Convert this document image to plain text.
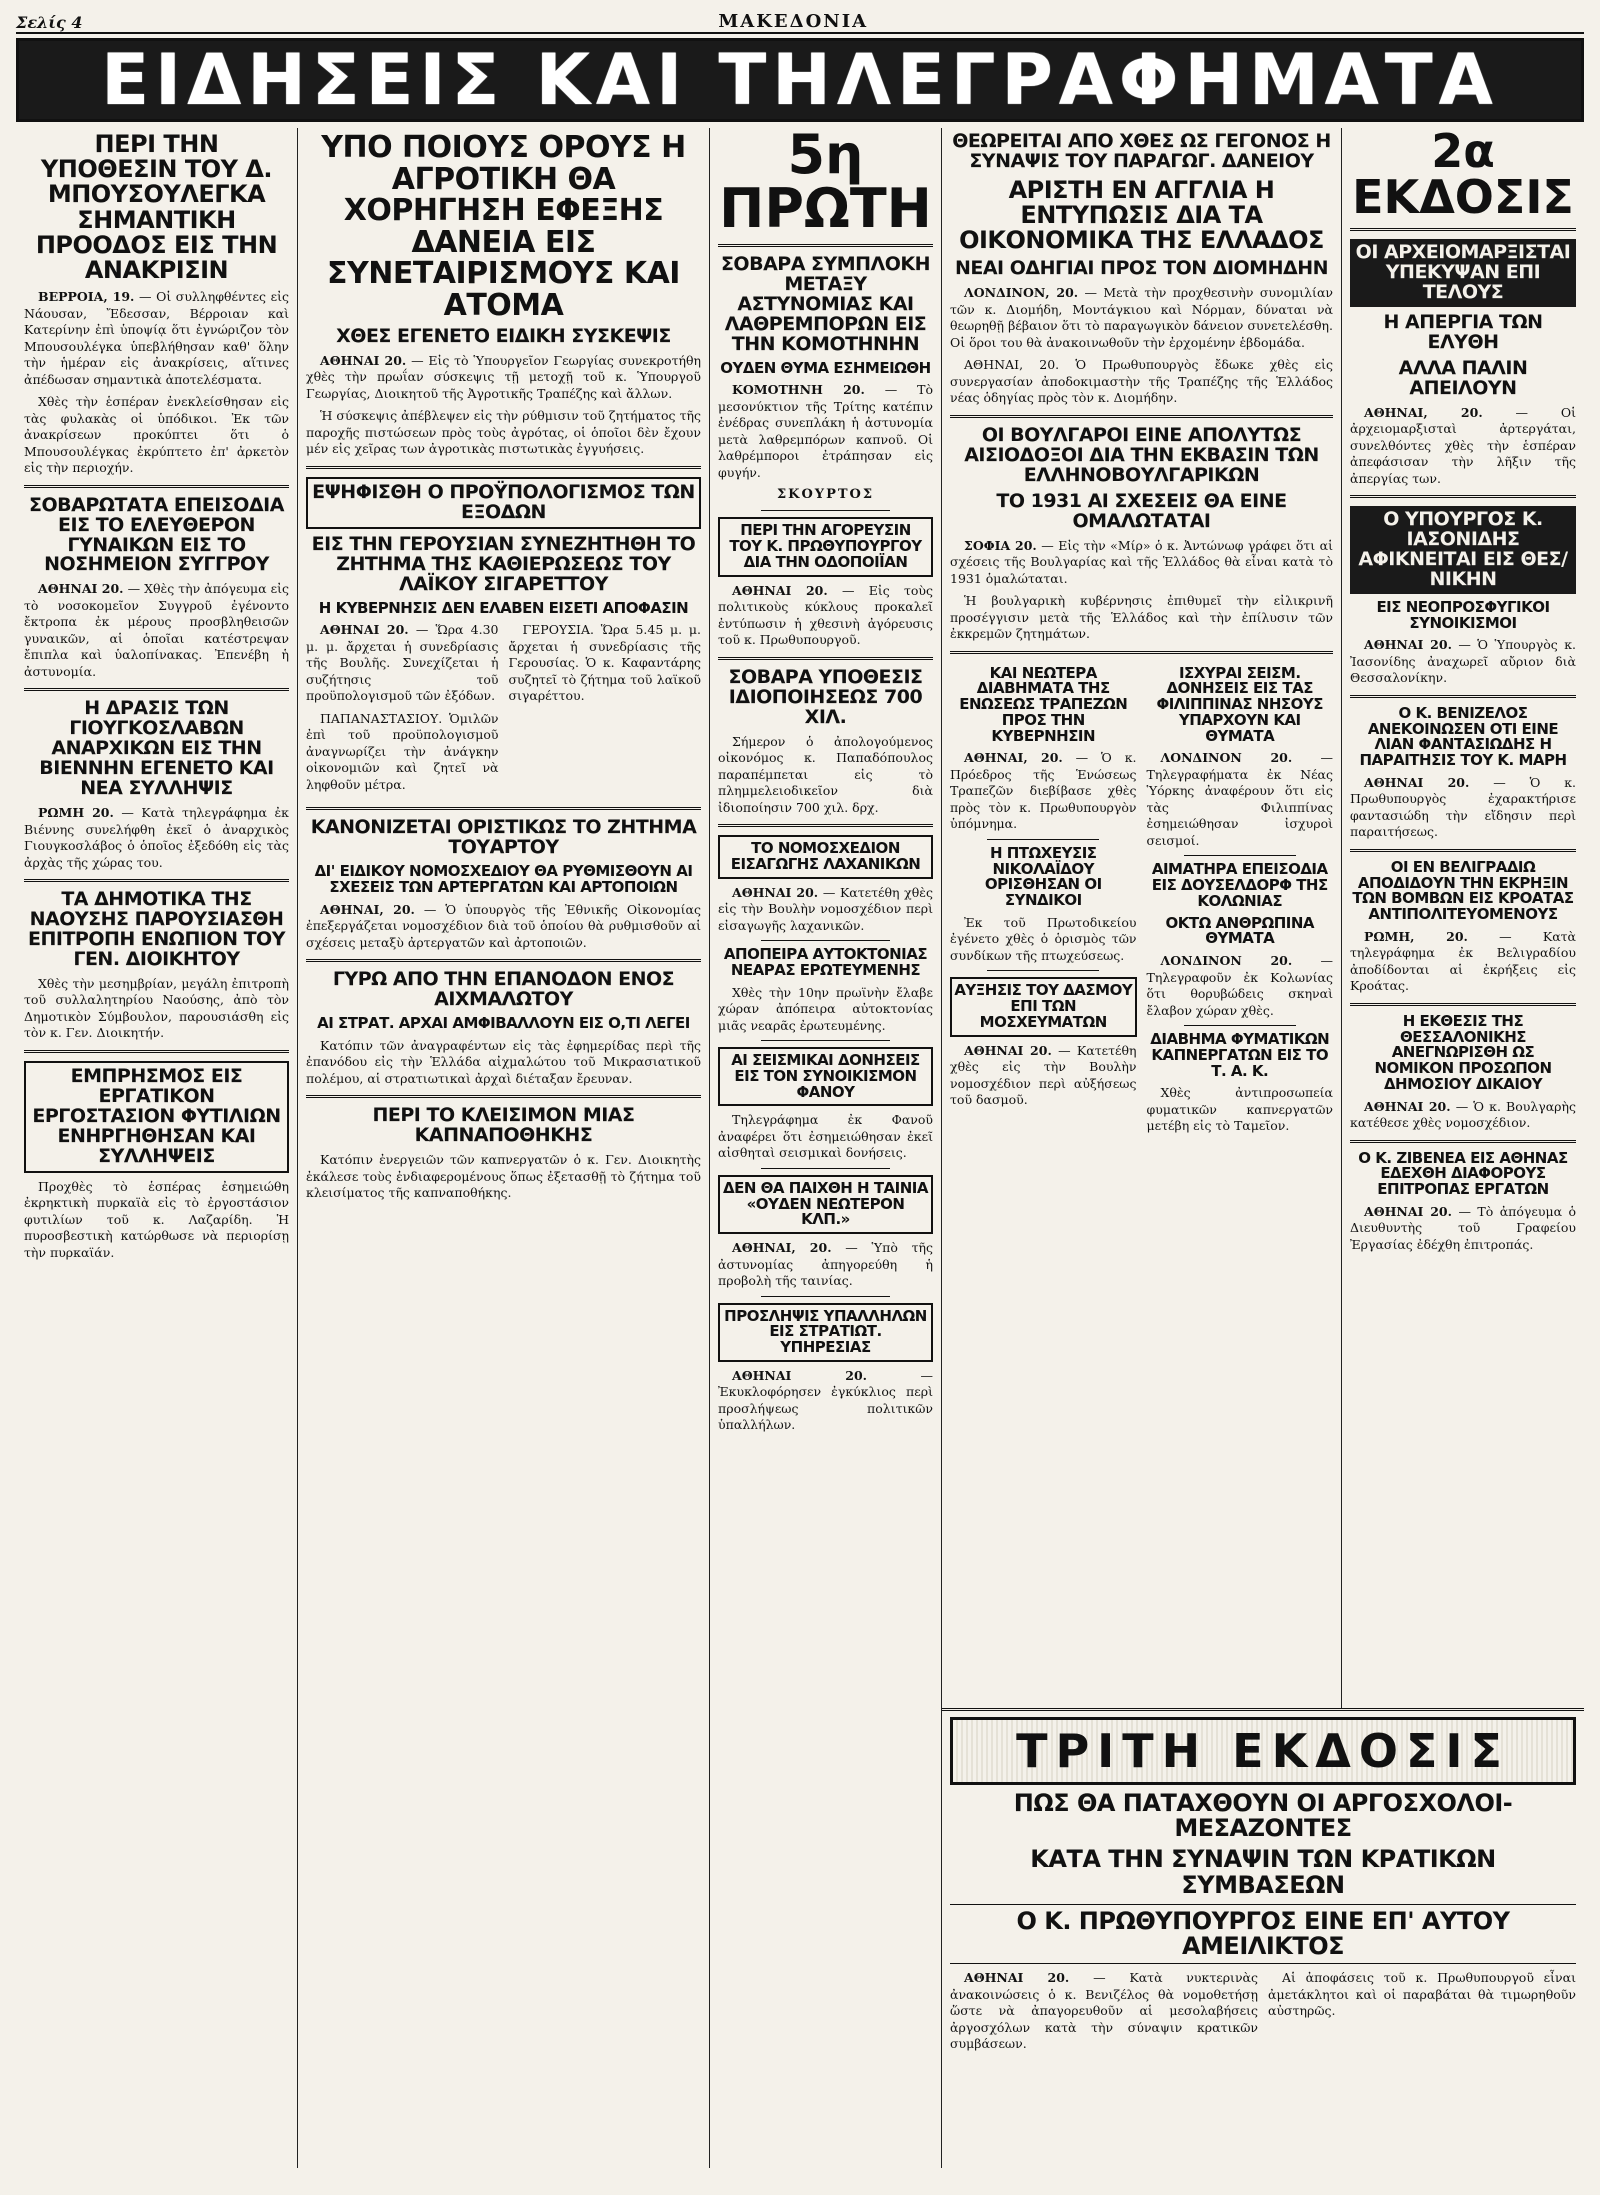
Σελίς 4	ΜΑΚΕΔΟΝΙΑ
ΕΙΔΗΣΕΙΣ ΚΑΙ ΤΗΛΕΓΡΑΦΗΜΑΤΑ
ΠΕΡΙ ΤΗΝ ΥΠΟΘΕΣΙΝ ΤΟΥ Δ. ΜΠΟΥΣΟΥΛΕΓΚΑ ΣΗΜΑΝΤΙΚΗ ΠΡΟΟΔΟΣ ΕΙΣ ΤΗΝ ΑΝΑΚΡΙΣΙΝ

ΒΕΡΡΟΙΑ, 19. — Οἱ συλληφθέντες εἰς Νάουσαν, Ἔδεσσαν, Βέρροιαν καὶ Κατερίνην ἐπὶ ὑποψίᾳ ὅτι ἐγνώριζον τὸν Μπουσουλέγκα ὑπεβλήθησαν καθ' ὅλην τὴν ἡμέραν εἰς ἀνακρίσεις, αἵτινες ἀπέδωσαν σημαντικὰ ἀποτελέσματα.

Χθὲς τὴν ἑσπέραν ἐνεκλείσθησαν εἰς τὰς φυλακὰς οἱ ὑπόδικοι. Ἐκ τῶν ἀνακρίσεων προκύπτει ὅτι ὁ Μπουσουλέγκας ἐκρύπτετο ἐπ' ἀρκετὸν εἰς τὴν περιοχήν.

ΣΟΒΑΡΩΤΑΤΑ ΕΠΕΙΣΟΔΙΑ ΕΙΣ ΤΟ ΕΛΕΥΘΕΡΟΝ ΓΥΝΑΙΚΩΝ ΕΙΣ ΤΟ ΝΟΣΗΜΕΙΟΝ ΣΥΓΓΡΟΥ

ΑΘΗΝΑΙ 20. — Χθὲς τὴν ἀπόγευμα εἰς τὸ νοσοκομεῖον Συγγροῦ ἐγένοντο ἔκτροπα ἐκ μέρους προσβληθεισῶν γυναικῶν, αἱ ὁποῖαι κατέστρεψαν ἔπιπλα καὶ ὑαλοπίνακας. Ἐπενέβη ἡ ἀστυνομία.

Η ΔΡΑΣΙΣ ΤΩΝ ΓΙΟΥΓΚΟΣΛΑΒΩΝ ΑΝΑΡΧΙΚΩΝ ΕΙΣ ΤΗΝ ΒΙΕΝΝΗΝ ΕΓΕΝΕΤΟ ΚΑΙ ΝΕΑ ΣΥΛΛΗΨΙΣ

ΡΩΜΗ 20. — Κατὰ τηλεγράφημα ἐκ Βιέννης συνελήφθη ἐκεῖ ὁ ἀναρχικὸς Γιουγκοσλάβος ὁ ὁποῖος ἐξεδόθη εἰς τὰς ἀρχὰς τῆς χώρας του.

ΤΑ ΔΗΜΟΤΙΚΑ ΤΗΣ ΝΑΟΥΣΗΣ ΠΑΡΟΥΣΙΑΣΘΗ ΕΠΙΤΡΟΠΗ ΕΝΩΠΙΟΝ ΤΟΥ ΓΕΝ. ΔΙΟΙΚΗΤΟΥ

Χθὲς τὴν μεσημβρίαν, μεγάλη ἐπιτροπὴ τοῦ συλλαλητηρίου Ναούσης, ἀπὸ τὸν Δημοτικὸν Σύμβουλον, παρουσιάσθη εἰς τὸν κ. Γεν. Διοικητήν.

ΕΜΠΡΗΣΜΟΣ ΕΙΣ ΕΡΓΑΤΙΚΟΝ ΕΡΓΟΣΤΑΣΙΟΝ ΦΥΤΙΛΙΩΝ ΕΝΗΡΓΗΘΗΣΑΝ ΚΑΙ ΣΥΛΛΗΨΕΙΣ

Προχθὲς τὸ ἑσπέρας ἐσημειώθη ἐκρηκτικὴ πυρκαϊὰ εἰς τὸ ἐργοστάσιον φυτιλίων τοῦ κ. Λαζαρίδη. Ἡ πυροσβεστικὴ κατώρθωσε νὰ περιορίσῃ τὴν πυρκαϊάν.

ΥΠΟ ΠΟΙΟΥΣ ΟΡΟΥΣ Η ΑΓΡΟΤΙΚΗ ΘΑ ΧΟΡΗΓΗΣΗ ΕΦΕΞΗΣ ΔΑΝΕΙΑ ΕΙΣ ΣΥΝΕΤΑΙΡΙΣΜΟΥΣ ΚΑΙ ΑΤΟΜΑ
ΧΘΕΣ ΕΓΕΝΕΤΟ ΕΙΔΙΚΗ ΣΥΣΚΕΨΙΣ

ΑΘΗΝΑΙ 20. — Εἰς τὸ Ὑπουργεῖον Γεωργίας συνεκροτήθη χθὲς τὴν πρωΐαν σύσκεψις τῇ μετοχῇ τοῦ κ. Ὑπουργοῦ Γεωργίας, Διοικητοῦ τῆς Ἀγροτικῆς Τραπέζης καὶ ἄλλων.

Ἡ σύσκεψις ἀπέβλεψεν εἰς τὴν ρύθμισιν τοῦ ζητήματος τῆς παροχῆς πιστώσεων πρὸς τοὺς ἀγρότας, οἱ ὁποῖοι δὲν ἔχουν μέν εἰς χεῖρας των ἀγροτικὰς πιστωτικὰς ἐγγυήσεις.

ΕΨΗΦΙΣΘΗ Ο ΠΡΟΫΠΟΛΟΓΙΣΜΟΣ ΤΩΝ ΕΞΟΔΩΝ
ΕΙΣ ΤΗΝ ΓΕΡΟΥΣΙΑΝ ΣΥΝΕΖΗΤΗΘΗ ΤΟ ΖΗΤΗΜΑ ΤΗΣ ΚΑΘΙΕΡΩΣΕΩΣ ΤΟΥ ΛΑΪΚΟΥ ΣΙΓΑΡΕΤΤΟΥ
Η ΚΥΒΕΡΝΗΣΙΣ ΔΕΝ ΕΛΑΒΕΝ ΕΙΣΕΤΙ ΑΠΟΦΑΣΙΝ

ΑΘΗΝΑΙ 20. — Ὥρα 4.30 μ. μ. ἄρχεται ἡ συνεδρίασις τῆς Βουλῆς. Συνεχίζεται ἡ συζήτησις τοῦ προϋπολογισμοῦ τῶν ἐξόδων.

ΠΑΠΑΝΑΣΤΑΣΙΟΥ. Ὁμιλῶν ἐπὶ τοῦ προϋπολογισμοῦ ἀναγνωρίζει τὴν ἀνάγκην οἰκονομιῶν καὶ ζητεῖ νὰ ληφθοῦν μέτρα.

ΓΕΡΟΥΣΙΑ. Ὥρα 5.45 μ. μ. ἄρχεται ἡ συνεδρίασις τῆς Γερουσίας. Ὁ κ. Καφαντάρης συζητεῖ τὸ ζήτημα τοῦ λαϊκοῦ σιγαρέττου.

ΚΑΝΟΝΙΖΕΤΑΙ ΟΡΙΣΤΙΚΩΣ ΤΟ ΖΗΤΗΜΑ ΤΟΥΑΡΤΟΥ
ΔΙ' ΕΙΔΙΚΟΥ ΝΟΜΟΣΧΕΔΙΟΥ ΘΑ ΡΥΘΜΙΣΘΟΥΝ ΑΙ ΣΧΕΣΕΙΣ ΤΩΝ ΑΡΤΕΡΓΑΤΩΝ ΚΑΙ ΑΡΤΟΠΟΙΩΝ

ΑΘΗΝΑΙ, 20. — Ὁ ὑπουργὸς τῆς Ἐθνικῆς Οἰκονομίας ἐπεξεργάζεται νομοσχέδιον διὰ τοῦ ὁποίου θὰ ρυθμισθοῦν αἱ σχέσεις μεταξὺ ἀρτεργατῶν καὶ ἀρτοποιῶν.

ΓΥΡΩ ΑΠΟ ΤΗΝ ΕΠΑΝΟΔΟΝ ΕΝΟΣ ΑΙΧΜΑΛΩΤΟΥ
ΑΙ ΣΤΡΑΤ. ΑΡΧΑΙ ΑΜΦΙΒΑΛΛΟΥΝ ΕΙΣ Ο,ΤΙ ΛΕΓΕΙ

Κατόπιν τῶν ἀναγραφέντων εἰς τὰς ἐφημερίδας περὶ τῆς ἐπανόδου εἰς τὴν Ἑλλάδα αἰχμαλώτου τοῦ Μικρασιατικοῦ πολέμου, αἱ στρατιωτικαὶ ἀρχαὶ διέταξαν ἔρευναν.

ΠΕΡΙ ΤΟ ΚΛΕΙΣΙΜΟΝ ΜΙΑΣ ΚΑΠΝΑΠΟΘΗΚΗΣ

Κατόπιν ἐνεργειῶν τῶν καπνεργατῶν ὁ κ. Γεν. Διοικητὴς ἐκάλεσε τοὺς ἐνδιαφερομένους ὅπως ἐξετασθῇ τὸ ζήτημα τοῦ κλεισίματος τῆς καπναποθήκης.

5η ΠΡΩΤΗ
ΣΟΒΑΡΑ ΣΥΜΠΛΟΚΗ ΜΕΤΑΞΥ ΑΣΤΥΝΟΜΙΑΣ ΚΑΙ ΛΑΘΡΕΜΠΟΡΩΝ ΕΙΣ ΤΗΝ ΚΟΜΟΤΗΝΗΝ
ΟΥΔΕΝ ΘΥΜΑ ΕΣΗΜΕΙΩΘΗ

ΚΟΜΟΤΗΝΗ 20. — Τὸ μεσονύκτιον τῆς Τρίτης κατέπιν ἐνέδρας συνεπλάκη ἡ ἀστυνομία μετὰ λαθρεμπόρων καπνοῦ. Οἱ λαθρέμποροι ἐτράπησαν εἰς φυγήν.

ΣΚΟΥΡΤΟΣ
ΠΕΡΙ ΤΗΝ ΑΓΟΡΕΥΣΙΝ ΤΟΥ Κ. ΠΡΩΘΥΠΟΥΡΓΟΥ ΔΙΑ ΤΗΝ ΟΔΟΠΟΙΪΑΝ

ΑΘΗΝΑΙ 20. — Εἰς τοὺς πολιτικοὺς κύκλους προκαλεῖ ἐντύπωσιν ἡ χθεσινὴ ἀγόρευσις τοῦ κ. Πρωθυπουργοῦ.

ΣΟΒΑΡΑ ΥΠΟΘΕΣΙΣ ΙΔΙΟΠΟΙΗΣΕΩΣ 700 ΧΙΛ.

Σήμερον ὁ ἀπολογούμενος οἰκονόμος κ. Παπαδόπουλος παραπέμπεται εἰς τὸ πλημμελειοδικεῖον διὰ ἰδιοποίησιν 700 χιλ. δρχ.

ΤΟ ΝΟΜΟΣΧΕΔΙΟΝ ΕΙΣΑΓΩΓΗΣ ΛΑΧΑΝΙΚΩΝ

ΑΘΗΝΑΙ 20. — Κατετέθη χθὲς εἰς τὴν Βουλὴν νομοσχέδιον περὶ εἰσαγωγῆς λαχανικῶν.

ΑΠΟΠΕΙΡΑ ΑΥΤΟΚΤΟΝΙΑΣ ΝΕΑΡΑΣ ΕΡΩΤΕΥΜΕΝΗΣ

Χθὲς τὴν 10ην πρωϊνὴν ἔλαβε χώραν ἀπόπειρα αὐτοκτονίας μιᾶς νεαρᾶς ἐρωτευμένης.

ΑΙ ΣΕΙΣΜΙΚΑΙ ΔΟΝΗΣΕΙΣ ΕΙΣ ΤΟΝ ΣΥΝΟΙΚΙΣΜΟΝ ΦΑΝΟΥ

Τηλεγράφημα ἐκ Φανοῦ ἀναφέρει ὅτι ἐσημειώθησαν ἐκεῖ αἰσθηταὶ σεισμικαὶ δονήσεις.

ΔΕΝ ΘΑ ΠΑΙΧΘΗ Η ΤΑΙΝΙΑ «ΟΥΔΕΝ ΝΕΩΤΕΡΟΝ ΚΛΠ.»

ΑΘΗΝΑΙ, 20. — Ὑπὸ τῆς ἀστυνομίας ἀπηγορεύθη ἡ προβολὴ τῆς ταινίας.

ΠΡΟΣΛΗΨΙΣ ΥΠΑΛΛΗΛΩΝ ΕΙΣ ΣΤΡΑΤΙΩΤ. ΥΠΗΡΕΣΙΑΣ

ΑΘΗΝΑΙ 20.	— Ἐκυκλοφόρησεν ἐγκύκλιος περὶ προσλήψεως πολιτικῶν ὑπαλλήλων.

ΘΕΩΡΕΙΤΑΙ ΑΠΟ ΧΘΕΣ ΩΣ ΓΕΓΟΝΟΣ Η ΣΥΝΑΨΙΣ ΤΟΥ ΠΑΡΑΓΩΓ. ΔΑΝΕΙΟΥ
ΑΡΙΣΤΗ ΕΝ ΑΓΓΛΙΑ Η ΕΝΤΥΠΩΣΙΣ ΔΙΑ ΤΑ ΟΙΚΟΝΟΜΙΚΑ ΤΗΣ ΕΛΛΑΔΟΣ
ΝΕΑΙ ΟΔΗΓΙΑΙ ΠΡΟΣ ΤΟΝ ΔΙΟΜΗΔΗΝ

ΛΟΝΔΙΝΟΝ, 20. — Μετὰ τὴν προχθεσινὴν συνομιλίαν τῶν κ. Διομήδη, Μοντάγκιου καὶ Νόρμαν, δύναται νὰ θεωρηθῇ βέβαιον ὅτι τὸ παραγωγικὸν δάνειον συνετελέσθη. Οἱ ὅροι του θὰ ἀνακοινωθοῦν τὴν ἐρχομένην ἑβδομάδα.

ΑΘΗΝΑΙ, 20. Ὁ Πρωθυπουργὸς ἔδωκε χθὲς εἰς συνεργασίαν ἀποδοκιμαστὴν τῆς Τραπέζης τῆς Ἑλλάδος νέας ὁδηγίας πρὸς τὸν κ. Διομήδην.

ΟΙ ΒΟΥΛΓΑΡΟΙ ΕΙΝΕ ΑΠΟΛΥΤΩΣ ΑΙΣΙΟΔΟΞΟΙ ΔΙΑ ΤΗΝ ΕΚΒΑΣΙΝ ΤΩΝ ΕΛΛΗΝΟΒΟΥΛΓΑΡΙΚΩΝ
ΤΟ 1931 ΑΙ ΣΧΕΣΕΙΣ ΘΑ ΕΙΝΕ ΟΜΑΛΩΤΑΤΑΙ

ΣΟΦΙΑ 20. — Εἰς τὴν «Μίρ» ὁ κ. Ἀντώνωφ γράφει ὅτι αἱ σχέσεις τῆς Βουλγαρίας καὶ τῆς Ἑλλάδος θὰ εἶναι κατὰ τὸ 1931 ὁμαλώταται.

Ἡ βουλγαρικὴ κυβέρνησις ἐπιθυμεῖ τὴν εἰλικρινῆ προσέγγισιν μετὰ τῆς Ἑλλάδος καὶ τὴν ἐπίλυσιν τῶν ἐκκρεμῶν ζητημάτων.

ΚΑΙ ΝΕΩΤΕΡΑ ΔΙΑΒΗΜΑΤΑ ΤΗΣ ΕΝΩΣΕΩΣ ΤΡΑΠΕΖΩΝ ΠΡΟΣ ΤΗΝ ΚΥΒΕΡΝΗΣΙΝ

ΑΘΗΝΑΙ, 20. — Ὁ κ. Πρόεδρος τῆς Ἑνώσεως Τραπεζῶν διεβίβασε χθὲς πρὸς τὸν κ. Πρωθυπουργὸν ὑπόμνημα.

Η ΠΤΩΧΕΥΣΙΣ ΝΙΚΟΛΑΪΔΟΥ ΟΡΙΣΘΗΣΑΝ ΟΙ ΣΥΝΔΙΚΟΙ

Ἐκ τοῦ Πρωτοδικείου ἐγένετο χθὲς ὁ ὁρισμὸς τῶν συνδίκων τῆς πτωχεύσεως.

ΑΥΞΗΣΙΣ ΤΟΥ ΔΑΣΜΟΥ ΕΠΙ ΤΩΝ ΜΟΣΧΕΥΜΑΤΩΝ

ΑΘΗΝΑΙ 20. — Κατετέθη χθὲς εἰς τὴν Βουλὴν νομοσχέδιον περὶ αὐξήσεως τοῦ δασμοῦ.

ΙΣΧΥΡΑΙ ΣΕΙΣΜ. ΔΟΝΗΣΕΙΣ ΕΙΣ ΤΑΣ ΦΙΛΙΠΠΙΝΑΣ ΝΗΣΟΥΣ ΥΠΑΡΧΟΥΝ ΚΑΙ ΘΥΜΑΤΑ

ΛΟΝΔΙΝΟΝ 20. — Τηλεγραφήματα ἐκ Νέας Ὑόρκης ἀναφέρουν ὅτι εἰς τὰς Φιλιππίνας ἐσημειώθησαν ἰσχυροὶ σεισμοί.

ΑΙΜΑΤΗΡΑ ΕΠΕΙΣΟΔΙΑ ΕΙΣ ΔΟΥΣΕΛΔΟΡΦ ΤΗΣ ΚΟΛΩΝΙΑΣ
ΟΚΤΩ ΑΝΘΡΩΠΙΝΑ ΘΥΜΑΤΑ

ΛΟΝΔΙΝΟΝ 20. — Τηλεγραφοῦν ἐκ Κολωνίας ὅτι θορυβώδεις σκηναὶ ἔλαβον χώραν χθὲς.

ΔΙΑΒΗΜΑ ΦΥΜΑΤΙΚΩΝ ΚΑΠΝΕΡΓΑΤΩΝ ΕΙΣ ΤΟ Τ. Α. Κ.

Χθὲς ἀντιπροσωπεία φυματικῶν καπνεργατῶν μετέβη εἰς τὸ Ταμεῖον.

2α ΕΚΔΟΣΙΣ
ΟΙ ΑΡΧΕΙΟΜΑΡΞΙΣΤΑΙ ΥΠΕΚΥΨΑΝ ΕΠΙ ΤΕΛΟΥΣ
Η ΑΠΕΡΓΙΑ ΤΩΝ ΕΛΥΘΗ
ΑΛΛΑ ΠΑΛΙΝ ΑΠΕΙΛΟΥΝ

ΑΘΗΝΑΙ, 20.	— Οἱ ἀρχειομαρξισταὶ ἀρτεργάται, συνελθόντες χθὲς τὴν ἑσπέραν ἀπεφάσισαν τὴν λῆξιν τῆς ἀπεργίας των.

Ο ΥΠΟΥΡΓΟΣ Κ. ΙΑΣΟΝΙΔΗΣ ΑΦΙΚΝΕΙΤΑΙ ΕΙΣ ΘΕΣ/ΝΙΚΗΝ
ΕΙΣ ΝΕΟΠΡΟΣΦΥΓΙΚΟΙ ΣΥΝΟΙΚΙΣΜΟΙ

ΑΘΗΝΑΙ 20. — Ὁ Ὑπουργὸς κ. Ἰασονίδης ἀναχωρεῖ αὔριον διὰ Θεσσαλονίκην.

Ο Κ. ΒΕΝΙΖΕΛΟΣ ΑΝΕΚΟΙΝΩΣΕΝ ΟΤΙ ΕΙΝΕ ΛΙΑΝ ΦΑΝΤΑΣΙΩΔΗΣ Η ΠΑΡΑΙΤΗΣΙΣ ΤΟΥ Κ. ΜΑΡΗ

ΑΘΗΝΑΙ 20. — Ὁ κ. Πρωθυπουργὸς ἐχαρακτήρισε φαντασιώδη τὴν εἴδησιν περὶ παραιτήσεως.

ΟΙ ΕΝ ΒΕΛΙΓΡΑΔΙΩ ΑΠΟΔΙΔΟΥΝ ΤΗΝ ΕΚΡΗΞΙΝ ΤΩΝ ΒΟΜΒΩΝ ΕΙΣ ΚΡΟΑΤΑΣ ΑΝΤΙΠΟΛΙΤΕΥΟΜΕΝΟΥΣ

ΡΩΜΗ, 20. — Κατὰ τηλεγράφημα ἐκ Βελιγραδίου ἀποδίδονται αἱ ἐκρήξεις εἰς Κροάτας.

Η ΕΚΘΕΣΙΣ ΤΗΣ ΘΕΣΣΑΛΟΝΙΚΗΣ ΑΝΕΓΝΩΡΙΣΘΗ ΩΣ ΝΟΜΙΚΟΝ ΠΡΟΣΩΠΟΝ ΔΗΜΟΣΙΟΥ ΔΙΚΑΙΟΥ

ΑΘΗΝΑΙ 20. — Ὁ κ. Βουλγαρὴς κατέθεσε χθὲς νομοσχέδιον.

Ο Κ. ΖΙΒΕΝΕΑ ΕΙΣ ΑΘΗΝΑΣ ΕΔΕΧΘΗ ΔΙΑΦΟΡΟΥΣ ΕΠΙΤΡΟΠΑΣ ΕΡΓΑΤΩΝ

ΑΘΗΝΑΙ 20. — Τὸ ἀπόγευμα ὁ Διευθυντὴς τοῦ Γραφείου Ἐργασίας ἐδέχθη ἐπιτροπάς.

ΤΡΙΤΗ ΕΚΔΟΣΙΣ
ΠΩΣ ΘΑ ΠΑΤΑΧΘΟΥΝ ΟΙ ΑΡΓΟΣΧΟΛΟΙ-ΜΕΣΑΖΟΝΤΕΣ
ΚΑΤΑ ΤΗΝ ΣΥΝΑΨΙΝ ΤΩΝ ΚΡΑΤΙΚΩΝ ΣΥΜΒΑΣΕΩΝ
Ο Κ. ΠΡΩΘΥΠΟΥΡΓΟΣ ΕΙΝΕ ΕΠ' ΑΥΤΟΥ ΑΜΕΙΛΙΚΤΟΣ

ΑΘΗΝΑΙ 20. — Κατὰ νυκτερινὰς ἀνακοινώσεις ὁ κ. Βενιζέλος θὰ νομοθετήσῃ ὥστε νὰ ἀπαγορευθοῦν αἱ μεσολαβήσεις ἀργοσχόλων κατὰ τὴν σύναψιν κρατικῶν συμβάσεων.

Αἱ ἀποφάσεις τοῦ κ. Πρωθυπουργοῦ εἶναι ἀμετάκλητοι καὶ οἱ παραβάται θὰ τιμωρηθοῦν αὐστηρῶς.
